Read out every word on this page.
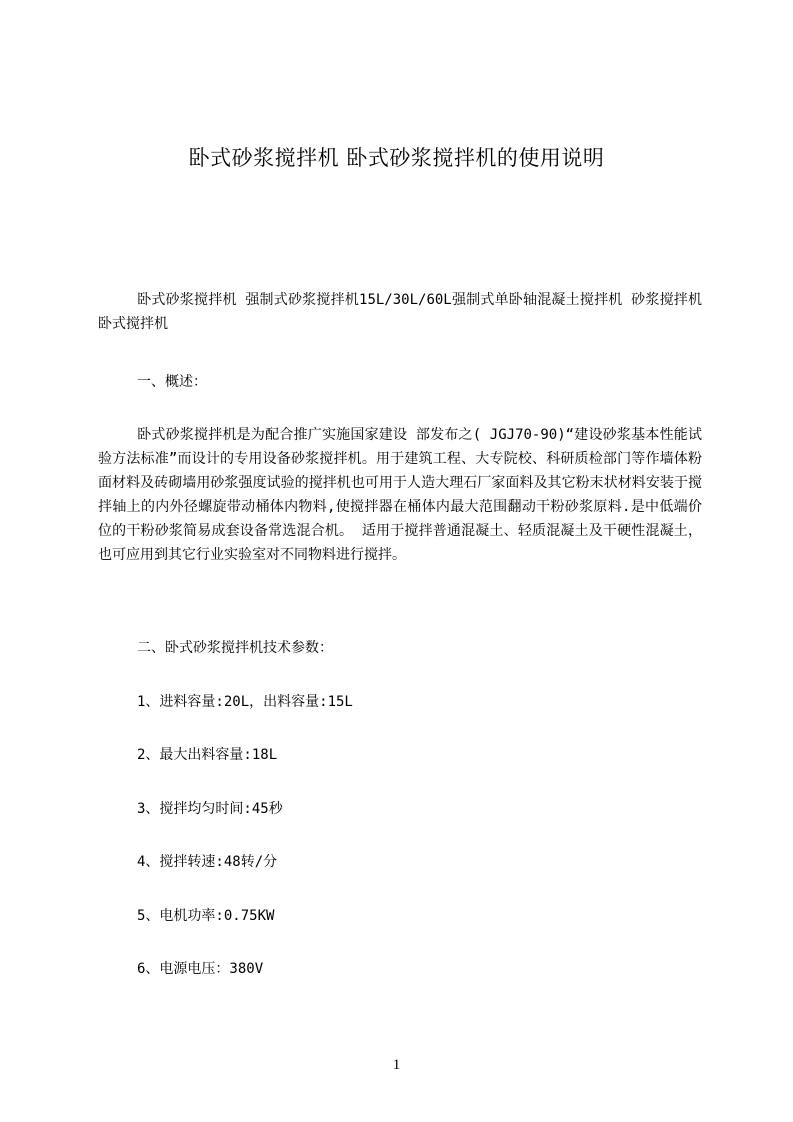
卧式砂浆搅拌机 卧式砂浆搅拌机的使用说明

卧式砂浆搅拌机 强制式砂浆搅拌机15L/30L/60L强制式单卧轴混凝土搅拌机 砂浆搅拌机 卧式搅拌机

一、概述：

卧式砂浆搅拌机是为配合推广实施国家建设 部发布之( JGJ70-90)“建设砂浆基本性能试验方法标准”而设计的专用设备砂浆搅拌机。用于建筑工程、大专院校、科研质检部门等作墙体粉面材料及砖砌墙用砂浆强度试验的搅拌机也可用于人造大理石厂家面料及其它粉末状材料安装于搅拌轴上的内外径螺旋带动桶体内物料,使搅拌器在桶体内最大范围翻动干粉砂浆原料.是中低端价位的干粉砂浆简易成套设备常选混合机。 适用于搅拌普通混凝土、轻质混凝土及干硬性混凝土，也可应用到其它行业实验室对不同物料进行搅拌。

二、卧式砂浆搅拌机技术参数：

1、进料容量:20L，出料容量:15L

2、最大出料容量:18L

3、搅拌均匀时间:45秒

4、搅拌转速:48转/分

5、电机功率:0.75KW

6、电源电压：380V

1
